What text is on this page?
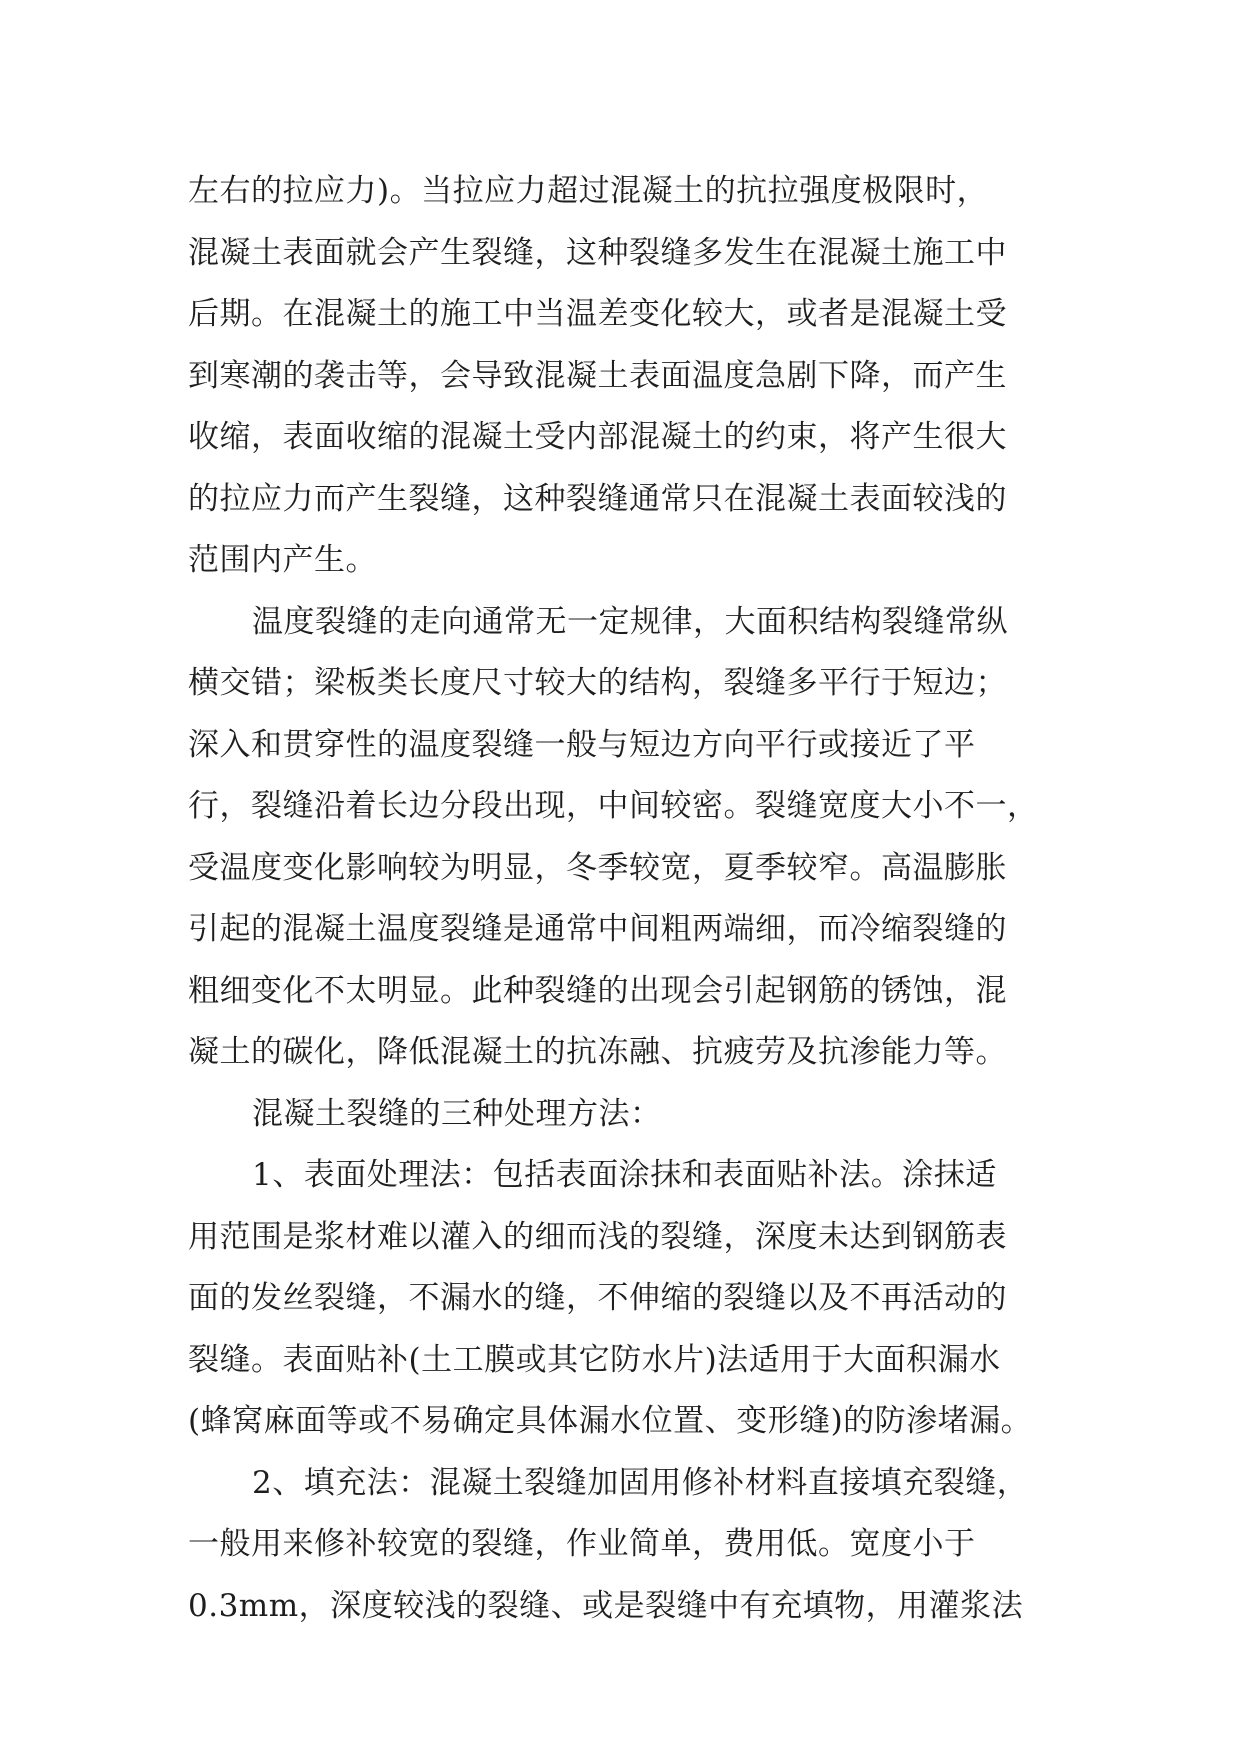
左右的拉应力)。当拉应力超过混凝土的抗拉强度极限时，
混凝土表面就会产生裂缝，这种裂缝多发生在混凝土施工中
后期。在混凝土的施工中当温差变化较大，或者是混凝土受
到寒潮的袭击等，会导致混凝土表面温度急剧下降，而产生
收缩，表面收缩的混凝土受内部混凝土的约束，将产生很大
的拉应力而产生裂缝，这种裂缝通常只在混凝土表面较浅的
范围内产生。
温度裂缝的走向通常无一定规律，大面积结构裂缝常纵
横交错；梁板类长度尺寸较大的结构，裂缝多平行于短边；
深入和贯穿性的温度裂缝一般与短边方向平行或接近了平
行，裂缝沿着长边分段出现，中间较密。裂缝宽度大小不一，
受温度变化影响较为明显，冬季较宽，夏季较窄。高温膨胀
引起的混凝土温度裂缝是通常中间粗两端细，而冷缩裂缝的
粗细变化不太明显。此种裂缝的出现会引起钢筋的锈蚀，混
凝土的碳化，降低混凝土的抗冻融、抗疲劳及抗渗能力等。
混凝土裂缝的三种处理方法：
1、表面处理法：包括表面涂抹和表面贴补法。涂抹适
用范围是浆材难以灌入的细而浅的裂缝，深度未达到钢筋表
面的发丝裂缝，不漏水的缝，不伸缩的裂缝以及不再活动的
裂缝。表面贴补(土工膜或其它防水片)法适用于大面积漏水
(蜂窝麻面等或不易确定具体漏水位置、变形缝)的防渗堵漏。
2、填充法：混凝土裂缝加固用修补材料直接填充裂缝，
一般用来修补较宽的裂缝，作业简单，费用低。宽度小于
0.3mm，深度较浅的裂缝、或是裂缝中有充填物，用灌浆法
